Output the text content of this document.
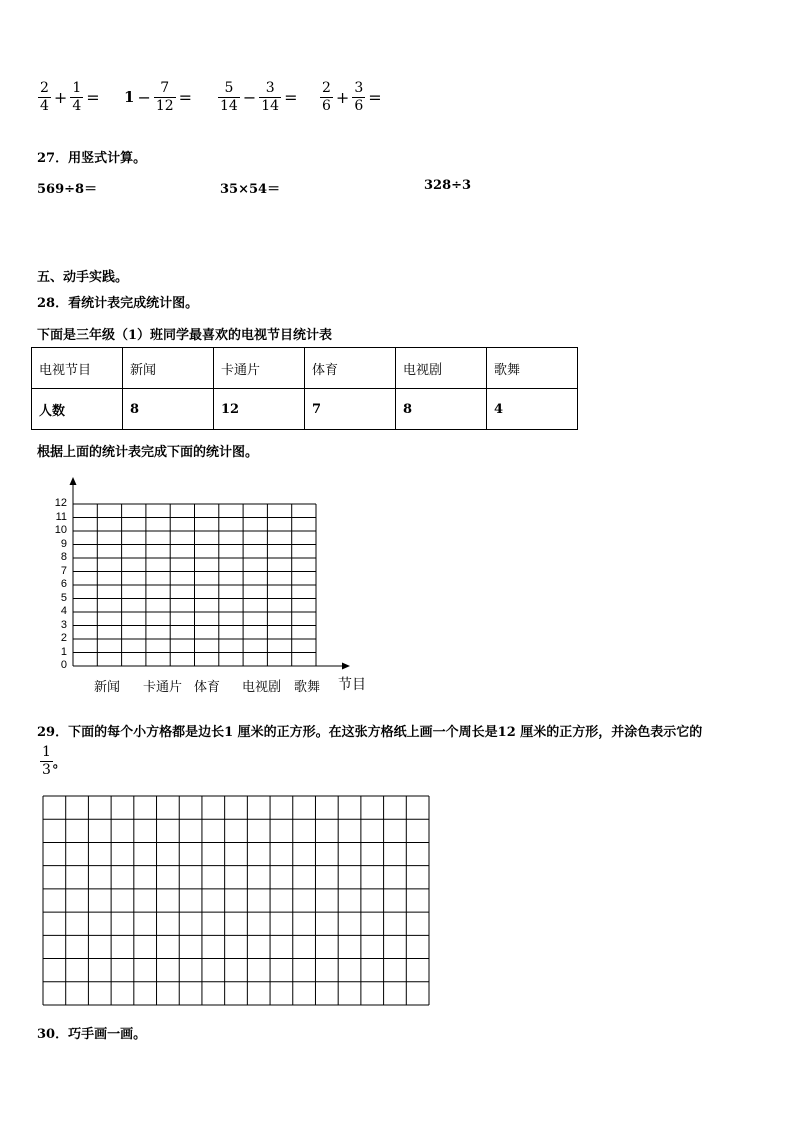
$\frac{2}{4} + \frac{1}{4} = 1 - \frac{7}{12} = \frac{5}{14} - \frac{3}{14} = \frac{2}{6} + \frac{3}{6}$ =
27．用竖式计算。
569÷8＝	35×54＝	328÷3
五、动手实践。
28．看统计表完成统计图。
下面是三年级（1）班同学最喜欢的电视节目统计表
电视节目	新闻	卡通片	体育	电视剧	歌舞
人数	8	12	7	8	4
根据上面的统计表完成下面的统计图。
0
1
2
3
4
5
6
7
8
9
10
11
12
新闻 卡通片 体育 电视剧 歌舞 节目
29．下面的每个小方格都是边长1 厘米的正方形。在这张方格纸上画一个周长是12 厘米的正方形，并涂色表示它的
$\frac{1}{3}$ 。
30．巧手画一画。
